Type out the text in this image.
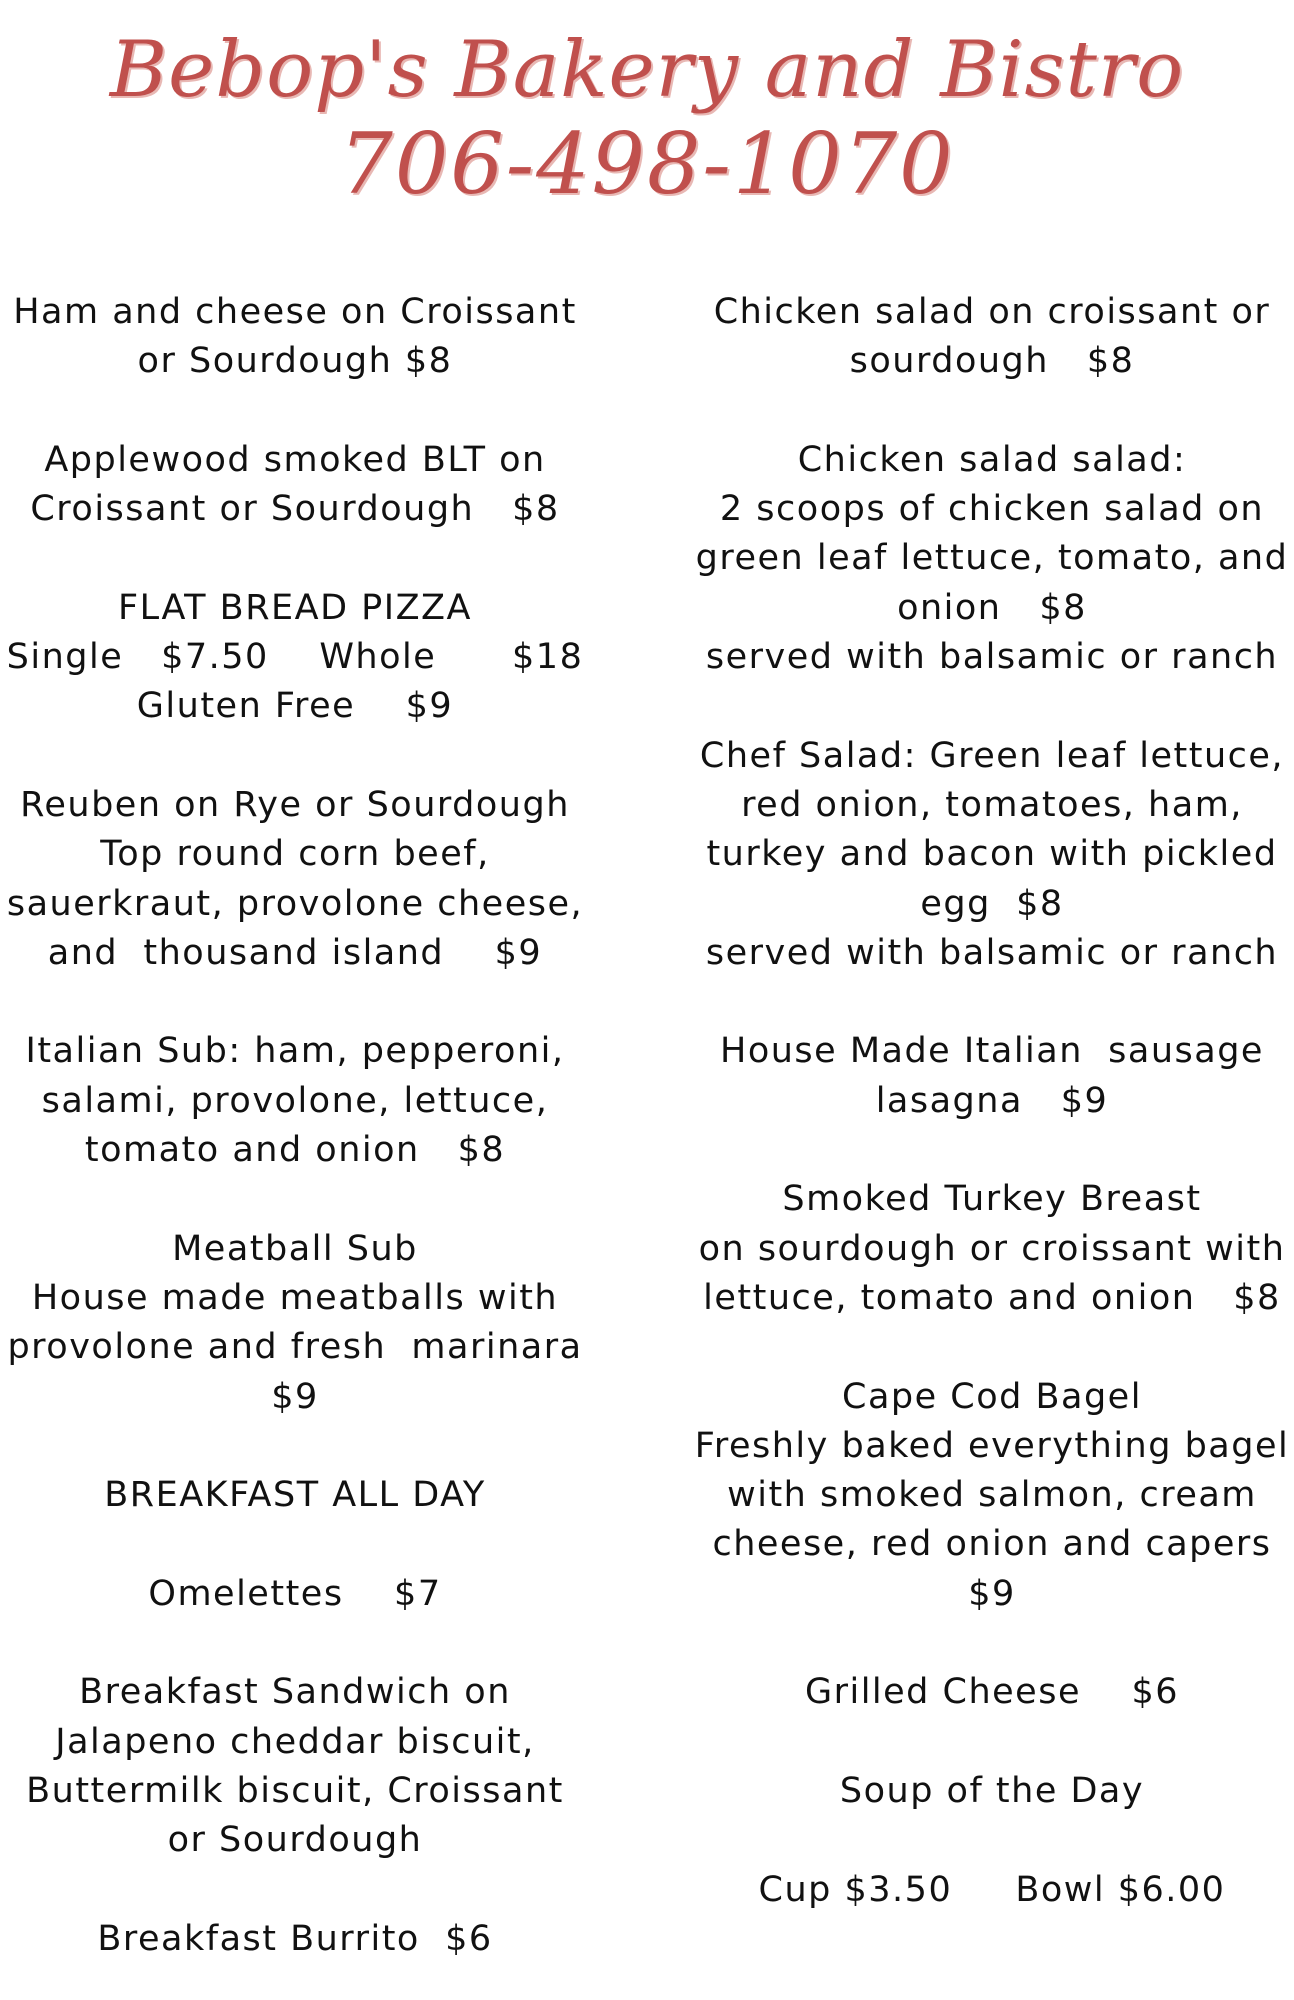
Bebop's Bakery and Bistro
706-498-1070
Ham and cheese on Croissant
or Sourdough $8
Applewood smoked BLT on
Croissant or Sourdough   $8
FLAT BREAD PIZZA
Single   $7.50    Whole      $18
Gluten Free    $9
Reuben on Rye or Sourdough
Top round corn beef,
sauerkraut, provolone cheese,
and  thousand island    $9
Italian Sub: ham, pepperoni,
salami, provolone, lettuce,
tomato and onion   $8
Meatball Sub
House made meatballs with
provolone and fresh  marinara
$9
BREAKFAST ALL DAY
Omelettes    $7
Breakfast Sandwich on
Jalapeno cheddar biscuit,
Buttermilk biscuit, Croissant
or Sourdough
Breakfast Burrito  $6
Chicken salad on croissant or
sourdough   $8
Chicken salad salad:
2 scoops of chicken salad on
green leaf lettuce, tomato, and
onion   $8
served with balsamic or ranch
Chef Salad: Green leaf lettuce,
red onion, tomatoes, ham,
turkey and bacon with pickled
egg  $8
served with balsamic or ranch
House Made Italian  sausage
lasagna   $9
Smoked Turkey Breast
on sourdough or croissant with
lettuce, tomato and onion   $8
Cape Cod Bagel
Freshly baked everything bagel
with smoked salmon, cream
cheese, red onion and capers
$9
Grilled Cheese    $6
Soup of the Day
Cup $3.50     Bowl $6.00
